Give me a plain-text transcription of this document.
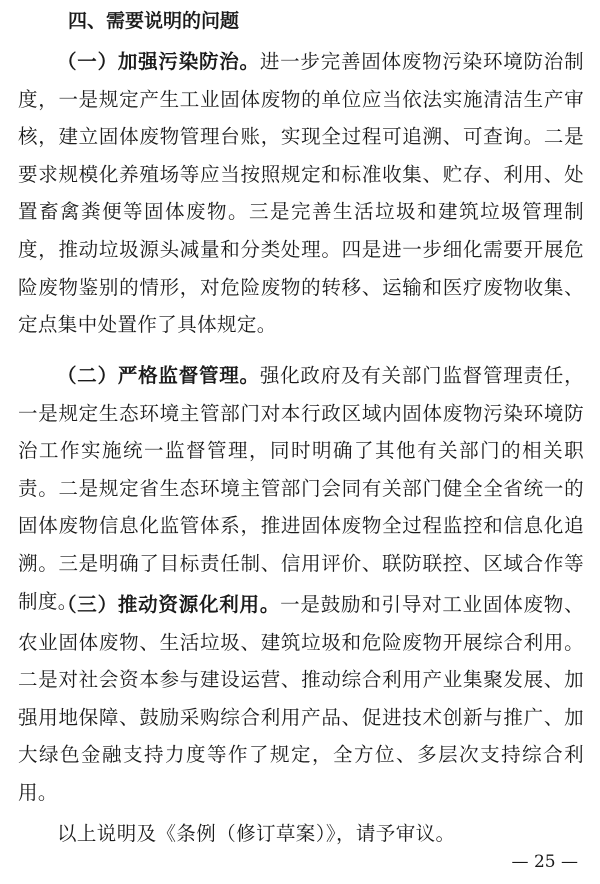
四、需要说明的问题

（一）加强污染防治。进一步完善固体废物污染环境防治制度，一是规定产生工业固体废物的单位应当依法实施清洁生产审核，建立固体废物管理台账，实现全过程可追溯、可查询。二是要求规模化养殖场等应当按照规定和标准收集、贮存、利用、处置畜禽粪便等固体废物。三是完善生活垃圾和建筑垃圾管理制度，推动垃圾源头减量和分类处理。四是进一步细化需要开展危险废物鉴别的情形，对危险废物的转移、运输和医疗废物收集、定点集中处置作了具体规定。

（二）严格监督管理。强化政府及有关部门监督管理责任，一是规定生态环境主管部门对本行政区域内固体废物污染环境防治工作实施统一监督管理，同时明确了其他有关部门的相关职责。二是规定省生态环境主管部门会同有关部门健全全省统一的固体废物信息化监管体系，推进固体废物全过程监控和信息化追溯。三是明确了目标责任制、信用评价、联防联控、区域合作等制度。

（三）推动资源化利用。一是鼓励和引导对工业固体废物、农业固体废物、生活垃圾、建筑垃圾和危险废物开展综合利用。二是对社会资本参与建设运营、推动综合利用产业集聚发展、加强用地保障、鼓励采购综合利用产品、促进技术创新与推广、加大绿色金融支持力度等作了规定，全方位、多层次支持综合利用。

以上说明及《条例（修订草案）》，请予审议。

— 25 —
